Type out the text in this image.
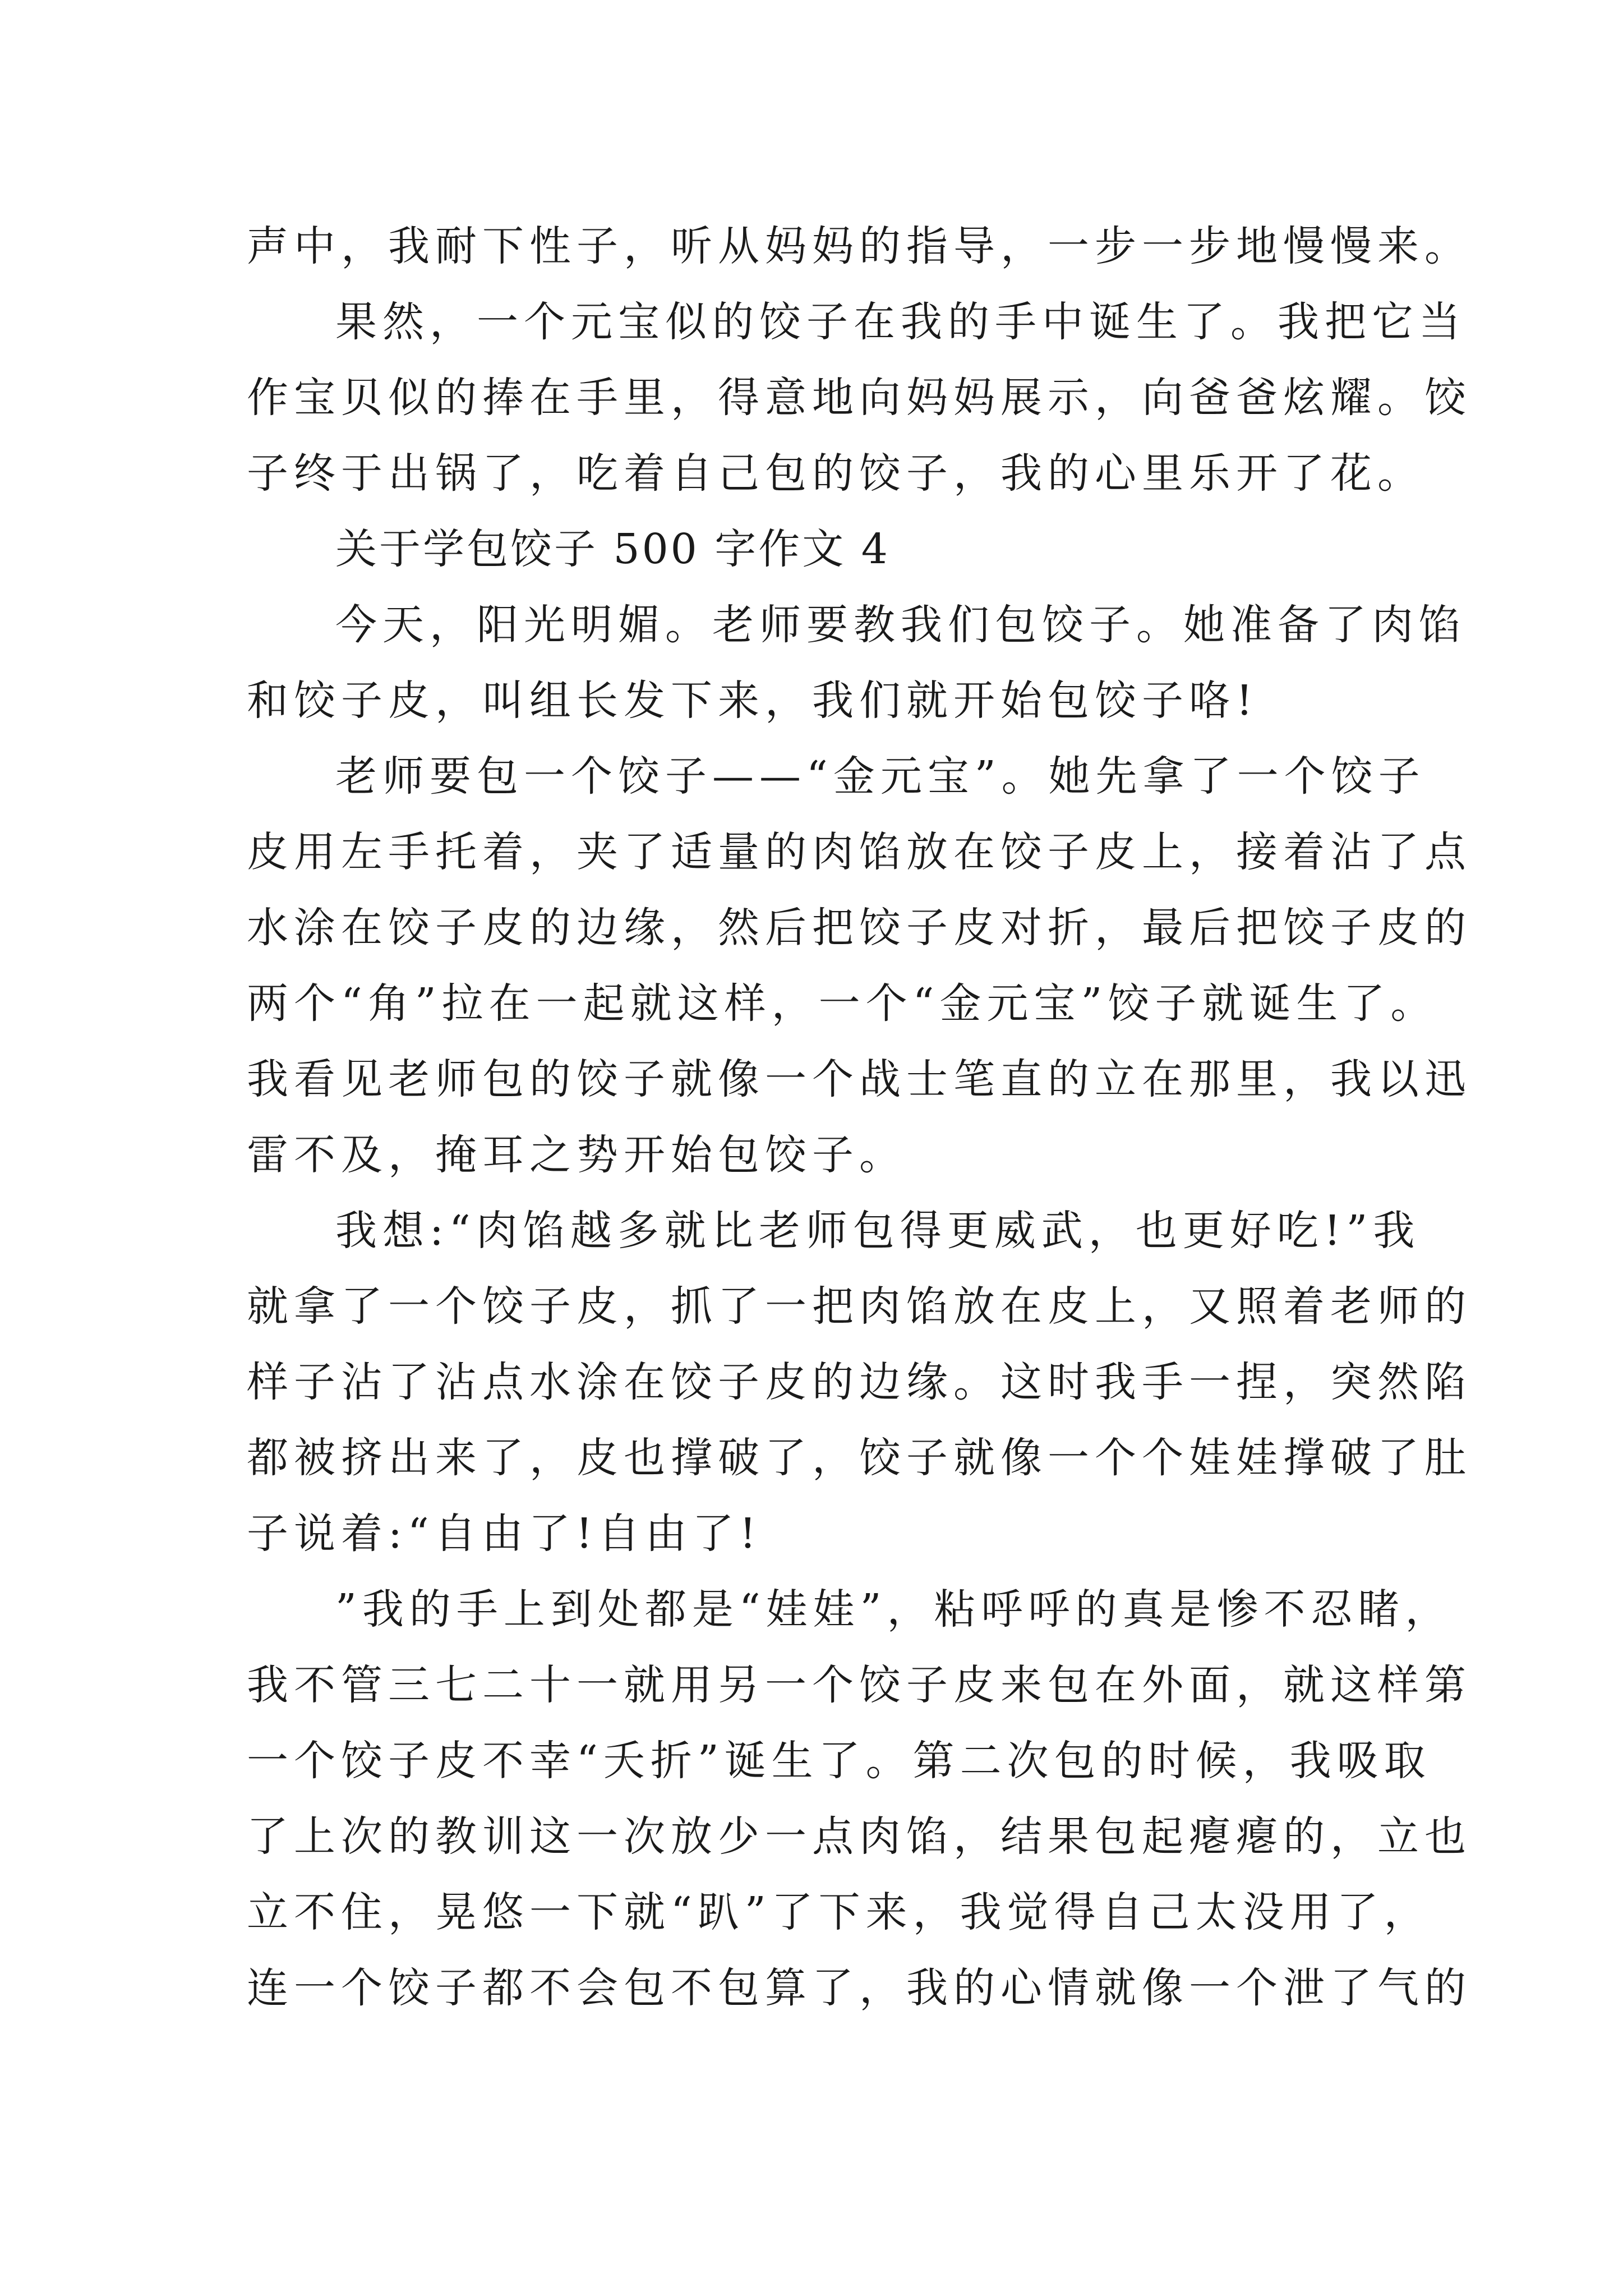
声中，我耐下性子，听从妈妈的指导，一步一步地慢慢来。
果然，一个元宝似的饺子在我的手中诞生了。我把它当
作宝贝似的捧在手里，得意地向妈妈展示，向爸爸炫耀。饺
子终于出锅了，吃着自己包的饺子，我的心里乐开了花。
关于学包饺子 500 字作文 4
今天，阳光明媚。老师要教我们包饺子。她准备了肉馅
和饺子皮，叫组长发下来，我们就开始包饺子咯!
老师要包一个饺子——“金元宝”。她先拿了一个饺子
皮用左手托着，夹了适量的肉馅放在饺子皮上，接着沾了点
水涂在饺子皮的边缘，然后把饺子皮对折，最后把饺子皮的
两个“角”拉在一起就这样，一个“金元宝”饺子就诞生了。
我看见老师包的饺子就像一个战士笔直的立在那里，我以迅
雷不及，掩耳之势开始包饺子。
我想:“肉馅越多就比老师包得更威武，也更好吃!”我
就拿了一个饺子皮，抓了一把肉馅放在皮上，又照着老师的
样子沾了沾点水涂在饺子皮的边缘。这时我手一捏，突然陷
都被挤出来了，皮也撑破了，饺子就像一个个娃娃撑破了肚
子说着:“自由了!自由了!
”我的手上到处都是“娃娃”，粘呼呼的真是惨不忍睹，
我不管三七二十一就用另一个饺子皮来包在外面，就这样第
一个饺子皮不幸“夭折”诞生了。第二次包的时候，我吸取
了上次的教训这一次放少一点肉馅，结果包起瘪瘪的，立也
立不住，晃悠一下就“趴”了下来，我觉得自己太没用了，
连一个饺子都不会包不包算了，我的心情就像一个泄了气的
